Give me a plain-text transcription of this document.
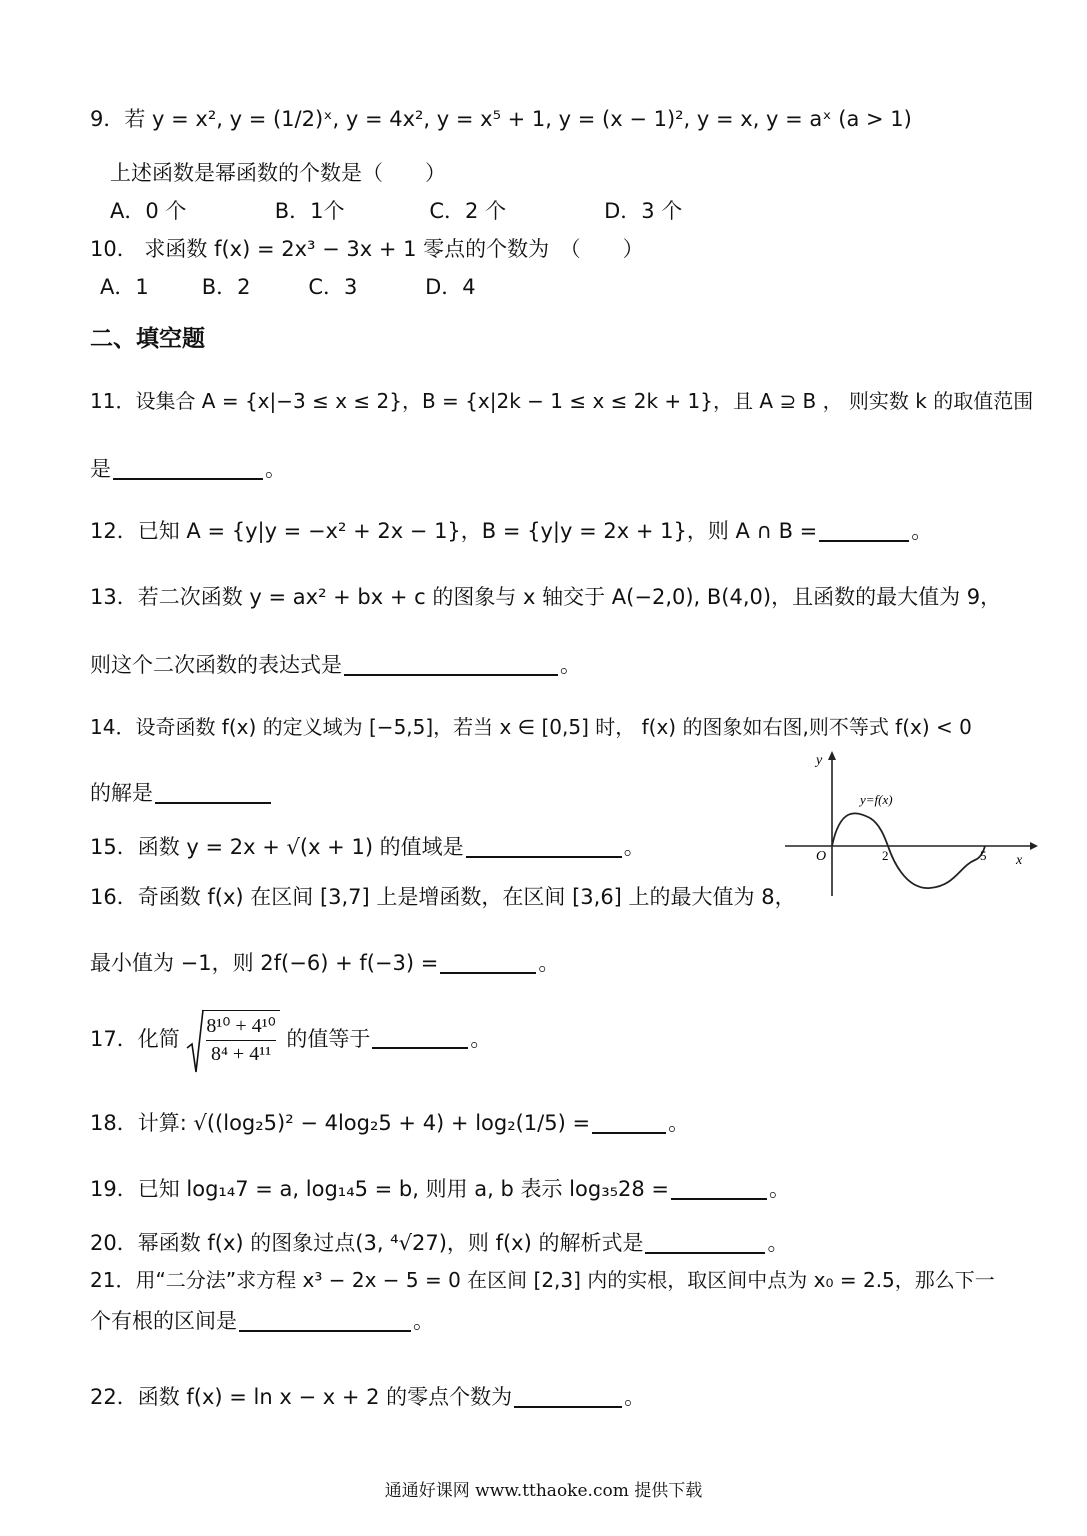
9．若 y = x², y = (1/2)ˣ, y = 4x², y = x⁵ + 1, y = (x − 1)², y = x, y = aˣ (a > 1)
上述函数是幂函数的个数是（　　）
A．0 个	B．1个	C．2 个	D．3 个
10． 求函数 f(x) = 2x³ − 3x + 1 零点的个数为　（　　）
A．1	B．2	C．3	D．4
二、填空题
11．设集合 A = {x|−3 ≤ x ≤ 2}，B = {x|2k − 1 ≤ x ≤ 2k + 1}，且 A ⊇ B ， 则实数 k 的取值范围
是	。
12．已知 A = {y|y = −x² + 2x − 1}，B = {y|y = 2x + 1}，则 A ∩ B =	。
13．若二次函数 y = ax² + bx + c 的图象与 x 轴交于 A(−2,0), B(4,0)，且函数的最大值为 9，
则这个二次函数的表达式是	。
14．设奇函数 f(x) 的定义域为 [−5,5]，若当 x ∈ [0,5] 时， f(x) 的图象如右图,则不等式 f(x) < 0
的解是
y
x
O	2	5
y=f(x)
15．函数 y = 2x + √(x + 1) 的值域是	。
16．奇函数 f(x) 在区间 [3,7] 上是增函数，在区间 [3,6] 上的最大值为 8，
最小值为 −1，则 2f(−6) + f(−3) =	。
17．化简 $\frac{\text{8¹⁰ + 4¹⁰}}{\text{8⁴ + 4¹¹}}$ 的值等于	。
18．计算: √((log₂5)² − 4log₂5 + 4) + log₂(1/5) =	。
19．已知 log₁₄7 = a, log₁₄5 = b, 则用 a, b 表示 log₃₅28 =	。
20．幂函数 f(x) 的图象过点(3, ⁴√27)，则 f(x) 的解析式是	。
21．用“二分法”求方程 x³ − 2x − 5 = 0 在区间 [2,3] 内的实根，取区间中点为 x₀ = 2.5，那么下一
个有根的区间是	。
22．函数 f(x) = ln x − x + 2 的零点个数为	。
通通好课网 www.tthaoke.com 提供下载
